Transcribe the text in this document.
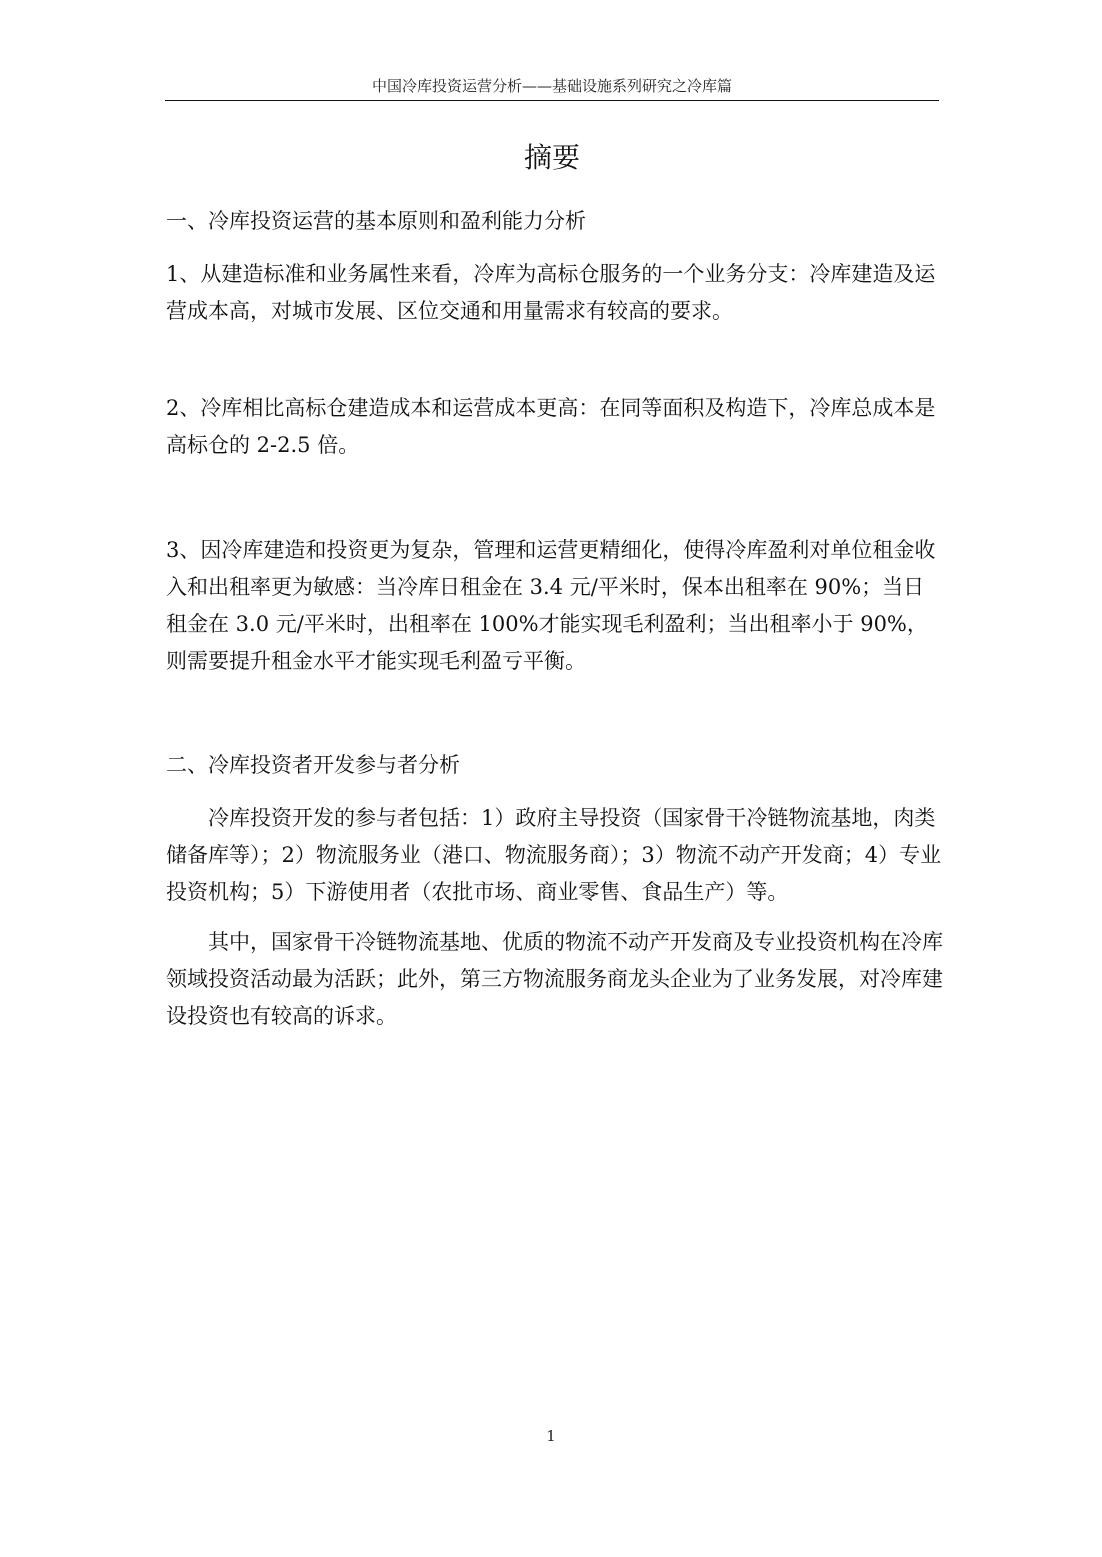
中国冷库投资运营分析——基础设施系列研究之冷库篇
摘要

一、冷库投资运营的基本原则和盈利能力分析

1、从建造标准和业务属性来看，冷库为高标仓服务的一个业务分支：冷库建造及运营成本高，对城市发展、区位交通和用量需求有较高的要求。

2、冷库相比高标仓建造成本和运营成本更高：在同等面积及构造下，冷库总成本是高标仓的 2-2.5 倍。

3、因冷库建造和投资更为复杂，管理和运营更精细化，使得冷库盈利对单位租金收入和出租率更为敏感：当冷库日租金在 3.4 元/平米时，保本出租率在 90%；当日租金在 3.0 元/平米时，出租率在 100%才能实现毛利盈利；当出租率小于 90%，则需要提升租金水平才能实现毛利盈亏平衡。

二、冷库投资者开发参与者分析

冷库投资开发的参与者包括：1）政府主导投资（国家骨干冷链物流基地，肉类储备库等）；2）物流服务业（港口、物流服务商）；3）物流不动产开发商；4）专业投资机构；5）下游使用者（农批市场、商业零售、食品生产）等。

其中，国家骨干冷链物流基地、优质的物流不动产开发商及专业投资机构在冷库领域投资活动最为活跃；此外，第三方物流服务商龙头企业为了业务发展，对冷库建设投资也有较高的诉求。

1
